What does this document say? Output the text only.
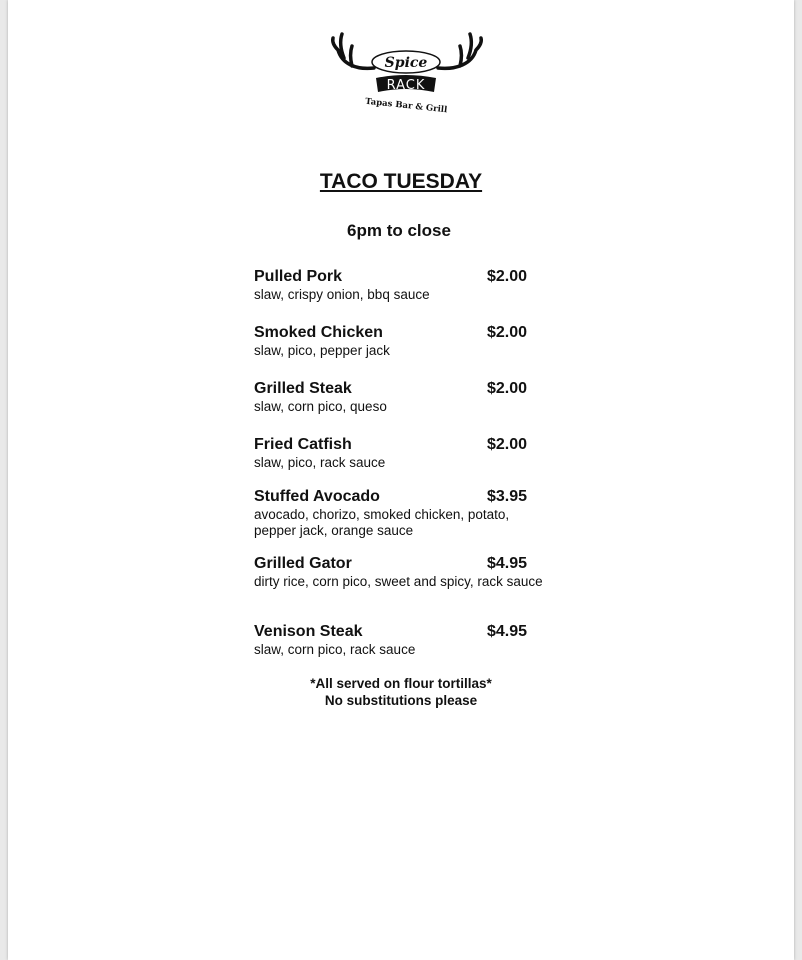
Spice
RACK
Tapas Bar & Grill
TACO TUESDAY
6pm to close
Pulled Pork	$2.00
slaw, crispy onion, bbq sauce
Smoked Chicken	$2.00
slaw, pico, pepper jack
Grilled Steak	$2.00
slaw, corn pico, queso
Fried Catfish	$2.00
slaw, pico, rack sauce
Stuffed Avocado	$3.95
avocado, chorizo, smoked chicken, potato, pepper jack, orange sauce
Grilled Gator	$4.95
dirty rice, corn pico, sweet and spicy, rack sauce
Venison Steak	$4.95
slaw, corn pico, rack sauce
*All served on flour tortillas*
No substitutions please
